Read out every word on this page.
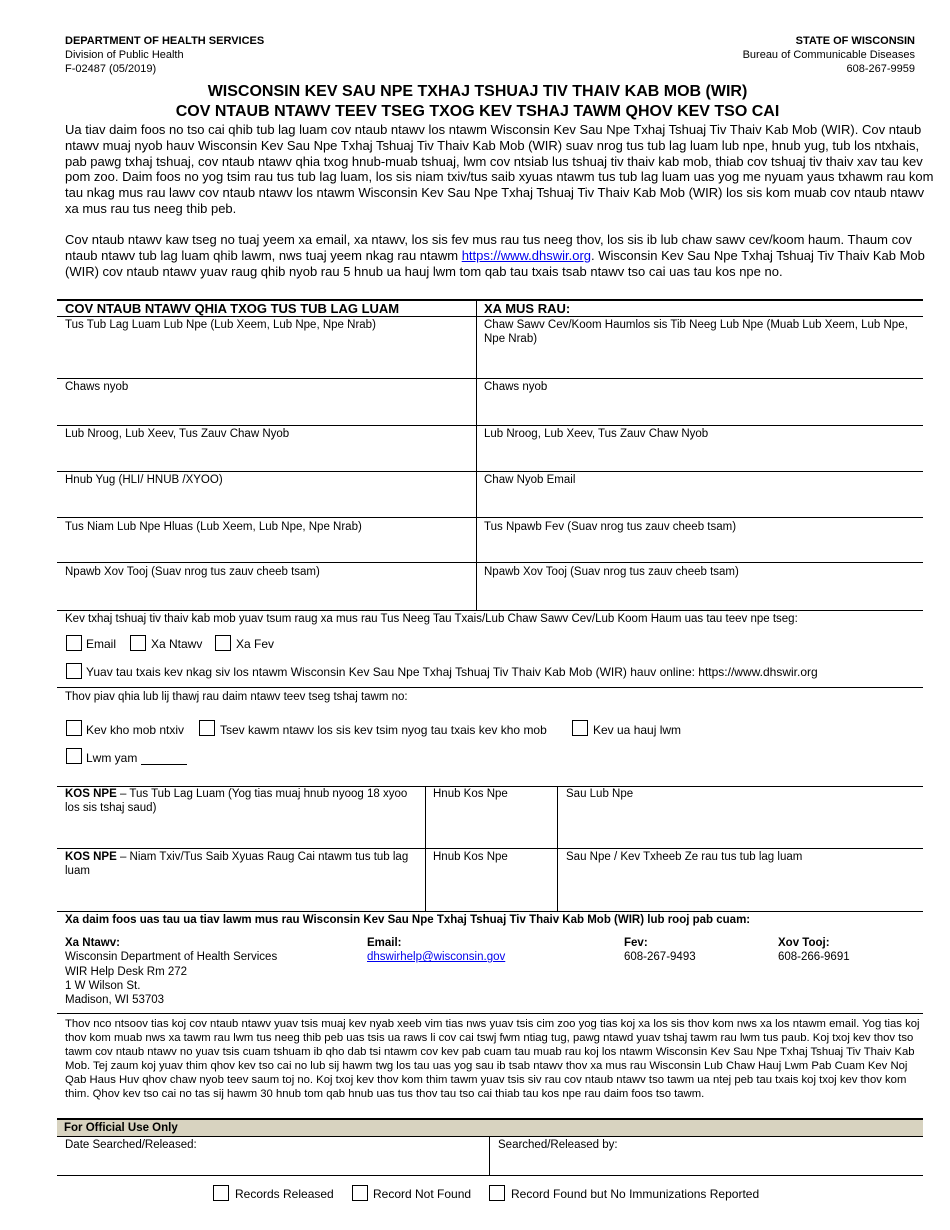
DEPARTMENT OF HEALTH SERVICES
Division of Public Health
F-02487 (05/2019)
STATE OF WISCONSIN
Bureau of Communicable Diseases
608-267-9959
WISCONSIN KEV SAU NPE TXHAJ TSHUAJ TIV THAIV KAB MOB (WIR)
COV NTAUB NTAWV TEEV TSEG TXOG KEV TSHAJ TAWM QHOV KEV TSO CAI
Ua tiav daim foos no tso cai qhib tub lag luam cov ntaub ntawv los ntawm Wisconsin Kev Sau Npe Txhaj Tshuaj Tiv Thaiv Kab Mob (WIR). Cov ntaub ntawv muaj nyob hauv Wisconsin Kev Sau Npe Txhaj Tshuaj Tiv Thaiv Kab Mob (WIR) suav nrog tus tub lag luam lub npe, hnub yug, tub los ntxhais, pab pawg txhaj tshuaj, cov ntaub ntawv qhia txog hnub-muab tshuaj, lwm cov ntsiab lus tshuaj tiv thaiv kab mob, thiab cov tshuaj tiv thaiv xav tau kev pom zoo. Daim foos no yog tsim rau tus tub lag luam, los sis niam txiv/tus saib xyuas ntawm tus tub lag luam uas yog me nyuam yaus txhawm rau kom tau nkag mus rau lawv cov ntaub ntawv los ntawm Wisconsin Kev Sau Npe Txhaj Tshuaj Tiv Thaiv Kab Mob (WIR) los sis kom muab cov ntaub ntawv xa mus rau tus neeg thib peb.
Cov ntaub ntawv kaw tseg no tuaj yeem xa email, xa ntawv, los sis fev mus rau tus neeg thov, los sis ib lub chaw sawv cev/koom haum. Thaum cov ntaub ntawv tub lag luam qhib lawm, nws tuaj yeem nkag rau ntawm https://www.dhswir.org. Wisconsin Kev Sau Npe Txhaj Tshuaj Tiv Thaiv Kab Mob (WIR) cov ntaub ntawv yuav raug qhib nyob rau 5 hnub ua hauj lwm tom qab tau txais tsab ntawv tso cai uas tau kos npe no.
COV NTAUB NTAWV QHIA TXOG TUS TUB LAG LUAM	XA MUS RAU:
Tus Tub Lag Luam Lub Npe (Lub Xeem, Lub Npe, Npe Nrab)	Chaw Sawv Cev/Koom Haumlos sis Tib Neeg Lub Npe (Muab Lub Xeem, Lub Npe, Npe Nrab)
Chaws nyob	Chaws nyob
Lub Nroog, Lub Xeev, Tus Zauv Chaw Nyob	Lub Nroog, Lub Xeev, Tus Zauv Chaw Nyob
Hnub Yug (HLI/ HNUB /XYOO)	Chaw Nyob Email
Tus Niam Lub Npe Hluas (Lub Xeem, Lub Npe, Npe Nrab)	Tus Npawb Fev (Suav nrog tus zauv cheeb tsam)
Npawb Xov Tooj (Suav nrog tus zauv cheeb tsam)	Npawb Xov Tooj (Suav nrog tus zauv cheeb tsam)
Kev txhaj tshuaj tiv thaiv kab mob yuav tsum raug xa mus rau Tus Neeg Tau Txais/Lub Chaw Sawv Cev/Lub Koom Haum uas tau teev npe tseg:
Email	Xa Ntawv	Xa Fev
Yuav tau txais kev nkag siv los ntawm Wisconsin Kev Sau Npe Txhaj Tshuaj Tiv Thaiv Kab Mob (WIR) hauv online: https://www.dhswir.org
Thov piav qhia lub lij thawj rau daim ntawv teev tseg tshaj tawm no:
Kev kho mob ntxiv	Tsev kawm ntawv los sis kev tsim nyog tau txais kev kho mob	Kev ua hauj lwm
Lwm yam
KOS NPE – Tus Tub Lag Luam (Yog tias muaj hnub nyoog 18 xyoo los sis tshaj saud)
Hnub Kos Npe	Sau Lub Npe
KOS NPE – Niam Txiv/Tus Saib Xyuas Raug Cai ntawm tus tub lag luam
Hnub Kos Npe	Sau Npe / Kev Txheeb Ze rau tus tub lag luam
Xa daim foos uas tau ua tiav lawm mus rau Wisconsin Kev Sau Npe Txhaj Tshuaj Tiv Thaiv Kab Mob (WIR) lub rooj pab cuam:
Xa Ntawv:
Wisconsin Department of Health Services
WIR Help Desk Rm 272
1 W Wilson St.
Madison, WI 53703
Email:
dhswirhelp@wisconsin.gov
Fev:
608-267-9493
Xov Tooj:
608-266-9691
Thov nco ntsoov tias koj cov ntaub ntawv yuav tsis muaj kev nyab xeeb vim tias nws yuav tsis cim zoo yog tias koj xa los sis thov kom nws xa los ntawm email. Yog tias koj thov kom muab nws xa tawm rau lwm tus neeg thib peb uas tsis ua raws li cov cai tswj fwm ntiag tug, pawg ntawd yuav tshaj tawm rau lwm tus paub. Koj txoj kev thov tso tawm cov ntaub ntawv no yuav tsis cuam tshuam ib qho dab tsi ntawm cov kev pab cuam tau muab rau koj los ntawm Wisconsin Kev Sau Npe Txhaj Tshuaj Tiv Thaiv Kab Mob. Tej zaum koj yuav thim qhov kev tso cai no lub sij hawm twg los tau uas yog sau ib tsab ntawv thov xa mus rau Wisconsin Lub Chaw Hauj Lwm Pab Cuam Kev Noj Qab Haus Huv qhov chaw nyob teev saum toj no. Koj txoj kev thov kom thim tawm yuav tsis siv rau cov ntaub ntawv tso tawm ua ntej peb tau txais koj txoj kev thov kom thim. Qhov kev tso cai no tas sij hawm 30 hnub tom qab hnub uas tus thov tau tso cai thiab tau kos npe rau daim foos tso tawm.
For Official Use Only
Date Searched/Released:	Searched/Released by:
Records Released	Record Not Found	Record Found but No Immunizations Reported
